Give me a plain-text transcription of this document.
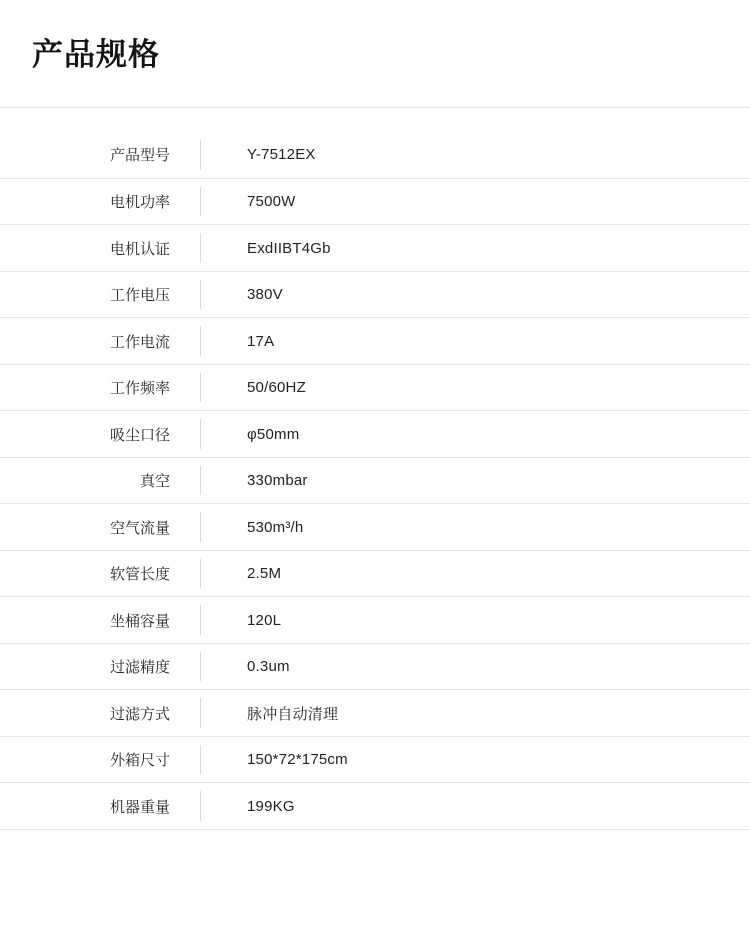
产品规格
产品型号		Y-7512EX

电机功率		7500W

电机认证		ExdIIBT4Gb

工作电压		380V

工作电流		17A

工作频率		50/60HZ

吸尘口径		φ50mm

真空		330mbar

空气流量		530m³/h

软管长度		2.5M

坐桶容量		120L

过滤精度		0.3um

过滤方式		脉冲自动清理

外箱尺寸		150*72*175cm

机器重量		199KG
